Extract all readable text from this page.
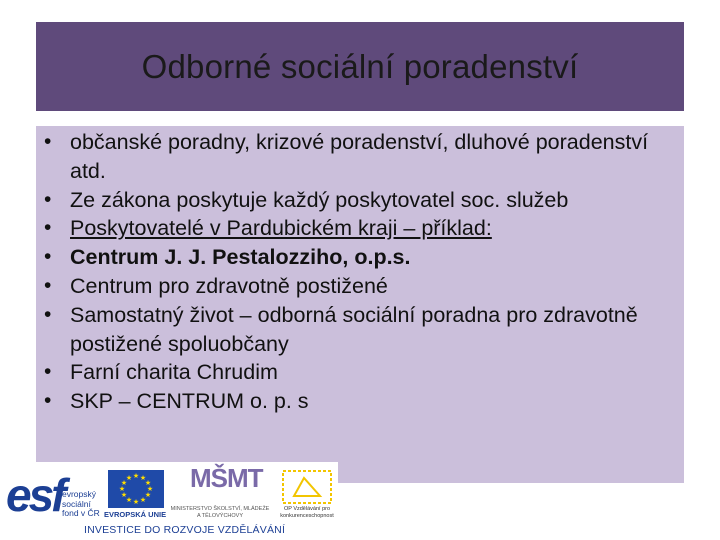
Odborné sociální poradenství
• občanské poradny, krizové poradenství, dluhové poradenství atd.
• Ze zákona poskytuje každý poskytovatel soc. služeb
• Poskytovatelé v Pardubickém kraji – příklad:
• Centrum J. J. Pestalozziho, o.p.s.
• Centrum pro zdravotně postižené
• Samostatný život – odborná sociální poradna pro zdravotně postižené spoluobčany
• Farní charita Chrudim
• SKP – CENTRUM o. p. s
esf
evropský sociální fond v ČR
★ ★
★
★
★
★
★
★
★
★
★
★
EVROPSKÁ UNIE
MŠMT
MINISTERSTVO ŠKOLSTVÍ, MLÁDEŽE A TĚLOVÝCHOVY
OP Vzdělávání pro konkurenceschopnost
INVESTICE DO ROZVOJE VZDĚLÁVÁNÍ
